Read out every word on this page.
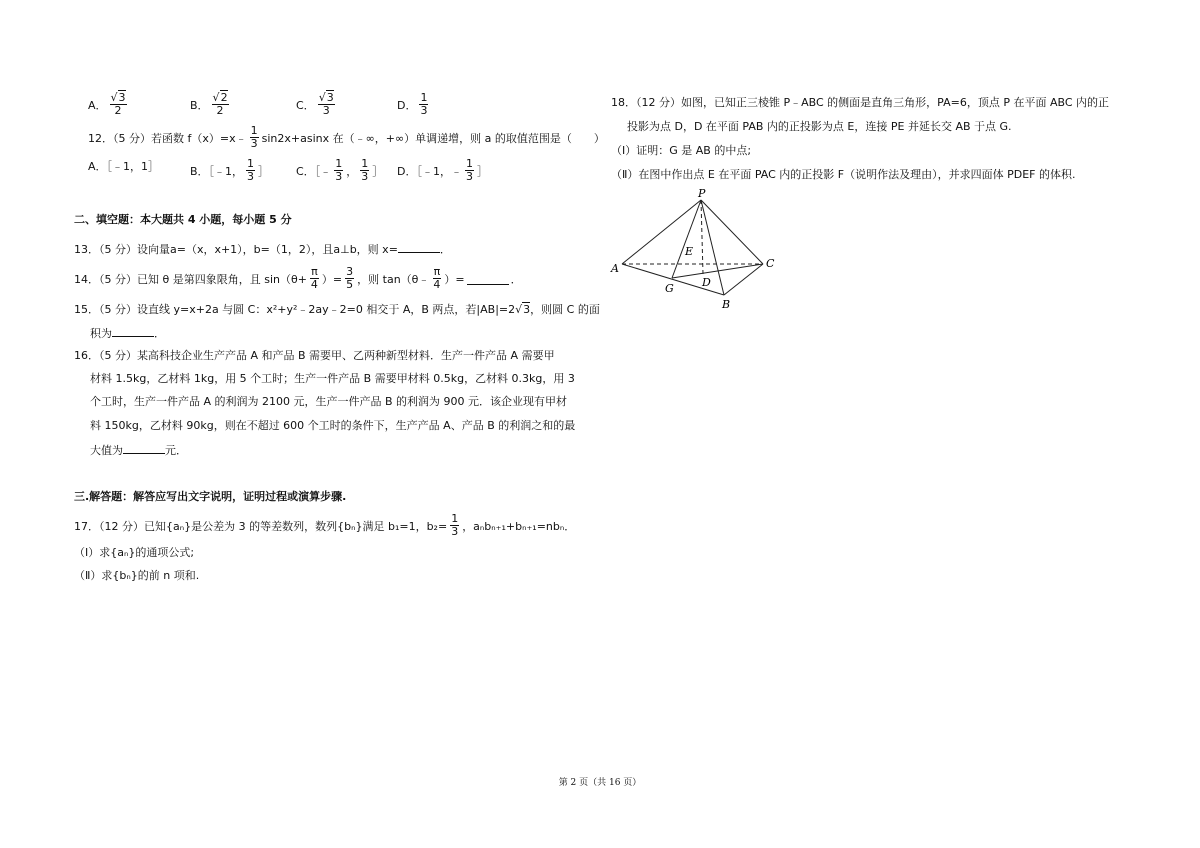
A． $\frac{√3}{2}$	B． $\frac{√2}{2}$	C． $\frac{√3}{3}$	D． $\frac{1}{3}$
12．（5 分）若函数 f（x）=x﹣ $\frac{1}{3} \sin 2x+asinx$ 在（﹣∞，+∞）单调递增，则 a 的取值范围是（　　）
A．［﹣1，1］	B．［﹣1， $\frac{1}{3}$ ］ C．［﹣ $\frac{1}{3}$ ， $\frac{1}{3}$ ］ D．［﹣1，﹣ $\frac{1}{3}$ ］
二、填空题：本大题共 4 小题，每小题 5 分
13．（5 分）设向量a=（x，x+1），b=（1，2），且a⊥b，则 x=	．
14．（5 分）已知 θ 是第四象限角，且 $\sin(\theta+ \frac{\pi}{4}$ ）= $\frac{3}{5}$ ，则 tan（θ﹣ $\frac{\pi}{4}$ ）=	．
15．（5 分）设直线 y=x+2a 与圆 C：x²+y²﹣2ay﹣2=0 相交于 A，B 两点，若|AB|=2√3，则圆 C 的面
积为	．
16．（5 分）某高科技企业生产产品 A 和产品 B 需要甲、乙两种新型材料．生产一件产品 A 需要甲
材料 1.5kg，乙材料 1kg，用 5 个工时；生产一件产品 B 需要甲材料 0.5kg，乙材料 0.3kg，用 3
个工时，生产一件产品 A 的利润为 2100 元，生产一件产品 B 的利润为 900 元．该企业现有甲材
料 150kg，乙材料 90kg，则在不超过 600 个工时的条件下，生产产品 A、产品 B 的利润之和的最
大值为	元．
三.解答题：解答应写出文字说明，证明过程或演算步骤.
17．（12 分）已知{aₙ}是公差为 3 的等差数列，数列{bₙ}满足 b₁=1，$b_2= \frac{1}{3}$ ，aₙbₙ₊₁+bₙ₊₁=nbₙ．
（Ⅰ）求{aₙ}的通项公式;
（Ⅱ）求{bₙ}的前 n 项和.
18．（12 分）如图，已知正三棱锥 P﹣ABC 的侧面是直角三角形，PA=6，顶点 P 在平面 ABC 内的正
投影为点 D，D 在平面 PAB 内的正投影为点 E，连接 PE 并延长交 AB 于点 G.
（Ⅰ）证明：G 是 AB 的中点;
（Ⅱ）在图中作出点 E 在平面 PAC 内的正投影 F（说明作法及理由），并求四面体 PDEF 的体积.
P
A
B
C
D
E
G
第 2 页（共 16 页）
